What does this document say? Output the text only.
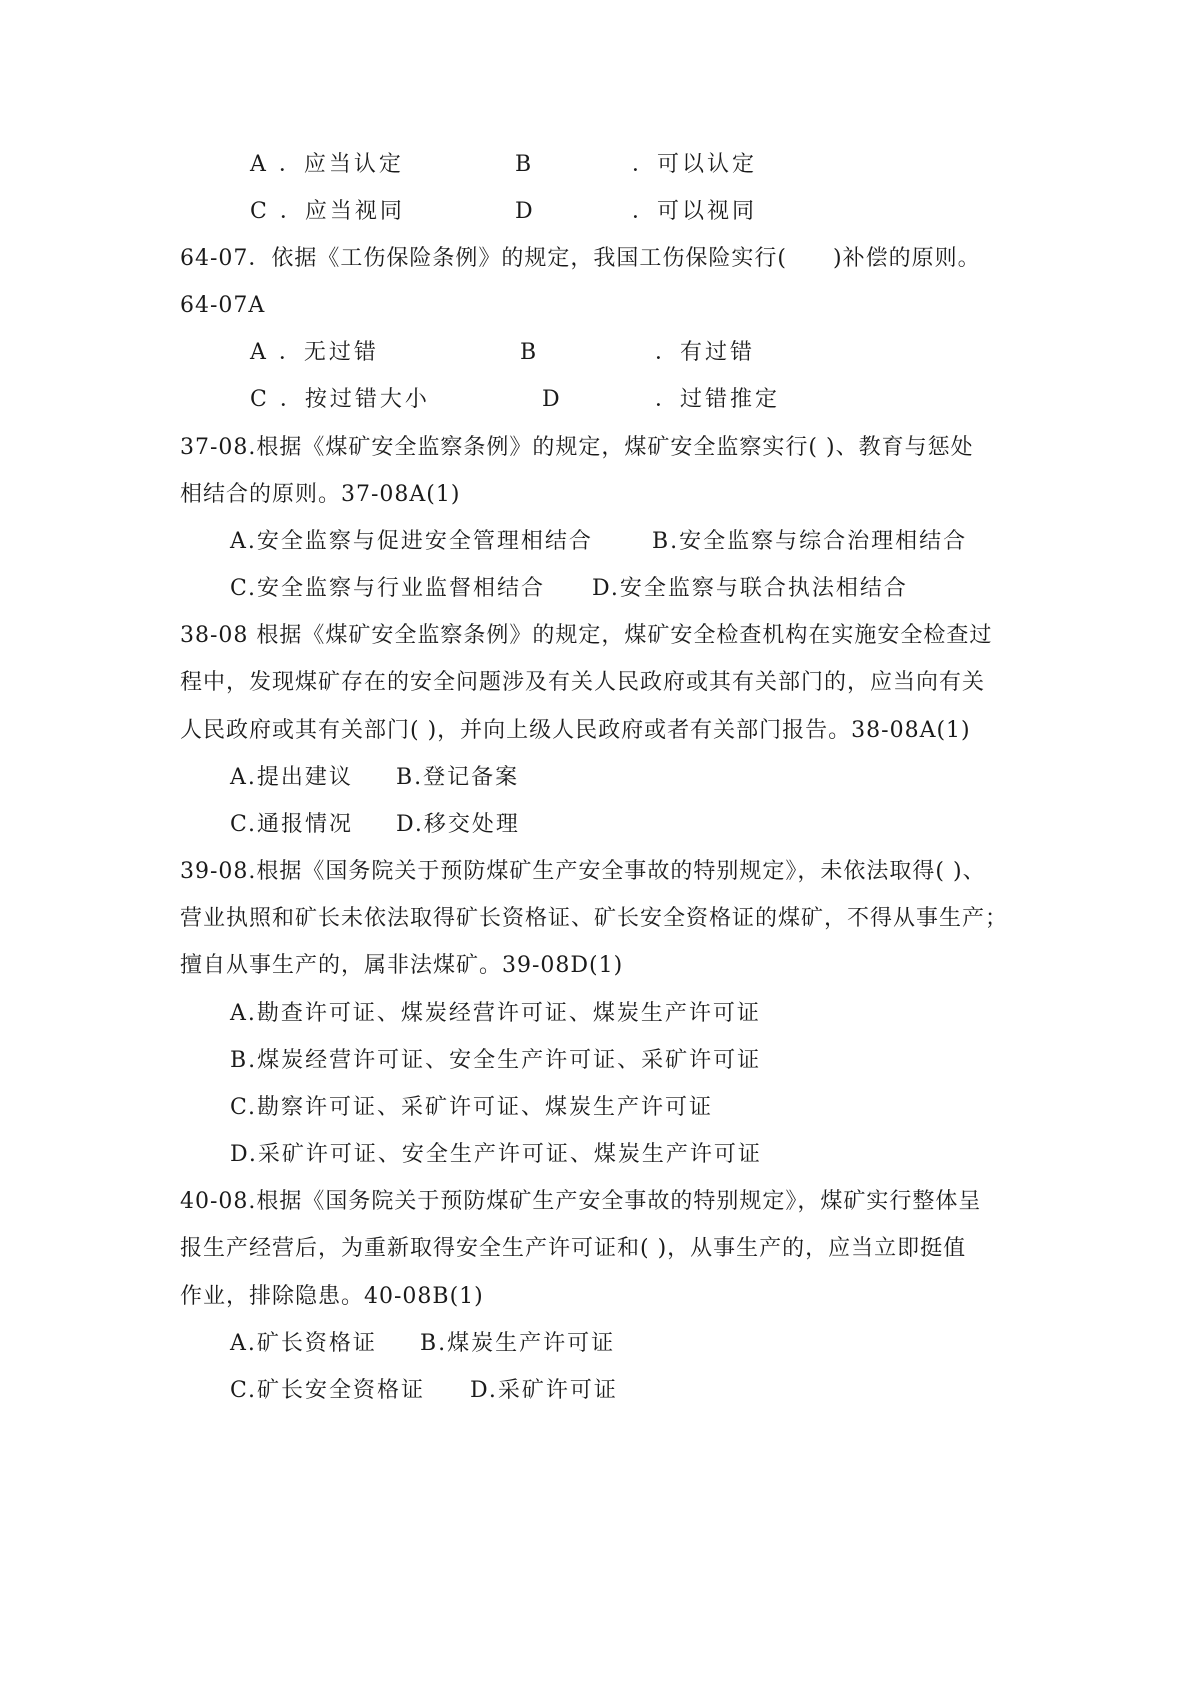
A ．应当认定	B	．可以认定
C ．应当视同	D	．可以视同
64-07．依据《工伤保险条例》的规定，我国工伤保险实行(　　)补偿的原则。
64-07A
A ．无过错	B	．有过错
C ．按过错大小	D	．过错推定
37-08.根据《煤矿安全监察条例》的规定，煤矿安全监察实行( )、教育与惩处
相结合的原则。37-08A(1)
A.安全监察与促进安全管理相结合	B.安全监察与综合治理相结合
C.安全监察与行业监督相结合 D.安全监察与联合执法相结合
38-08 根据《煤矿安全监察条例》的规定，煤矿安全检查机构在实施安全检查过
程中，发现煤矿存在的安全问题涉及有关人民政府或其有关部门的，应当向有关
人民政府或其有关部门( )，并向上级人民政府或者有关部门报告。38-08A(1)
A.提出建议 B.登记备案
C.通报情况 D.移交处理
39-08.根据《国务院关于预防煤矿生产安全事故的特别规定》，未依法取得( )、
营业执照和矿长未依法取得矿长资格证、矿长安全资格证的煤矿，不得从事生产；
擅自从事生产的，属非法煤矿。39-08D(1)
A.勘查许可证、煤炭经营许可证、煤炭生产许可证
B.煤炭经营许可证、安全生产许可证、采矿许可证
C.勘察许可证、采矿许可证、煤炭生产许可证
D.采矿许可证、安全生产许可证、煤炭生产许可证
40-08.根据《国务院关于预防煤矿生产安全事故的特别规定》，煤矿实行整体呈
报生产经营后，为重新取得安全生产许可证和( )，从事生产的，应当立即挺值
作业，排除隐患。40-08B(1)
A.矿长资格证 B.煤炭生产许可证
C.矿长安全资格证 D.采矿许可证
